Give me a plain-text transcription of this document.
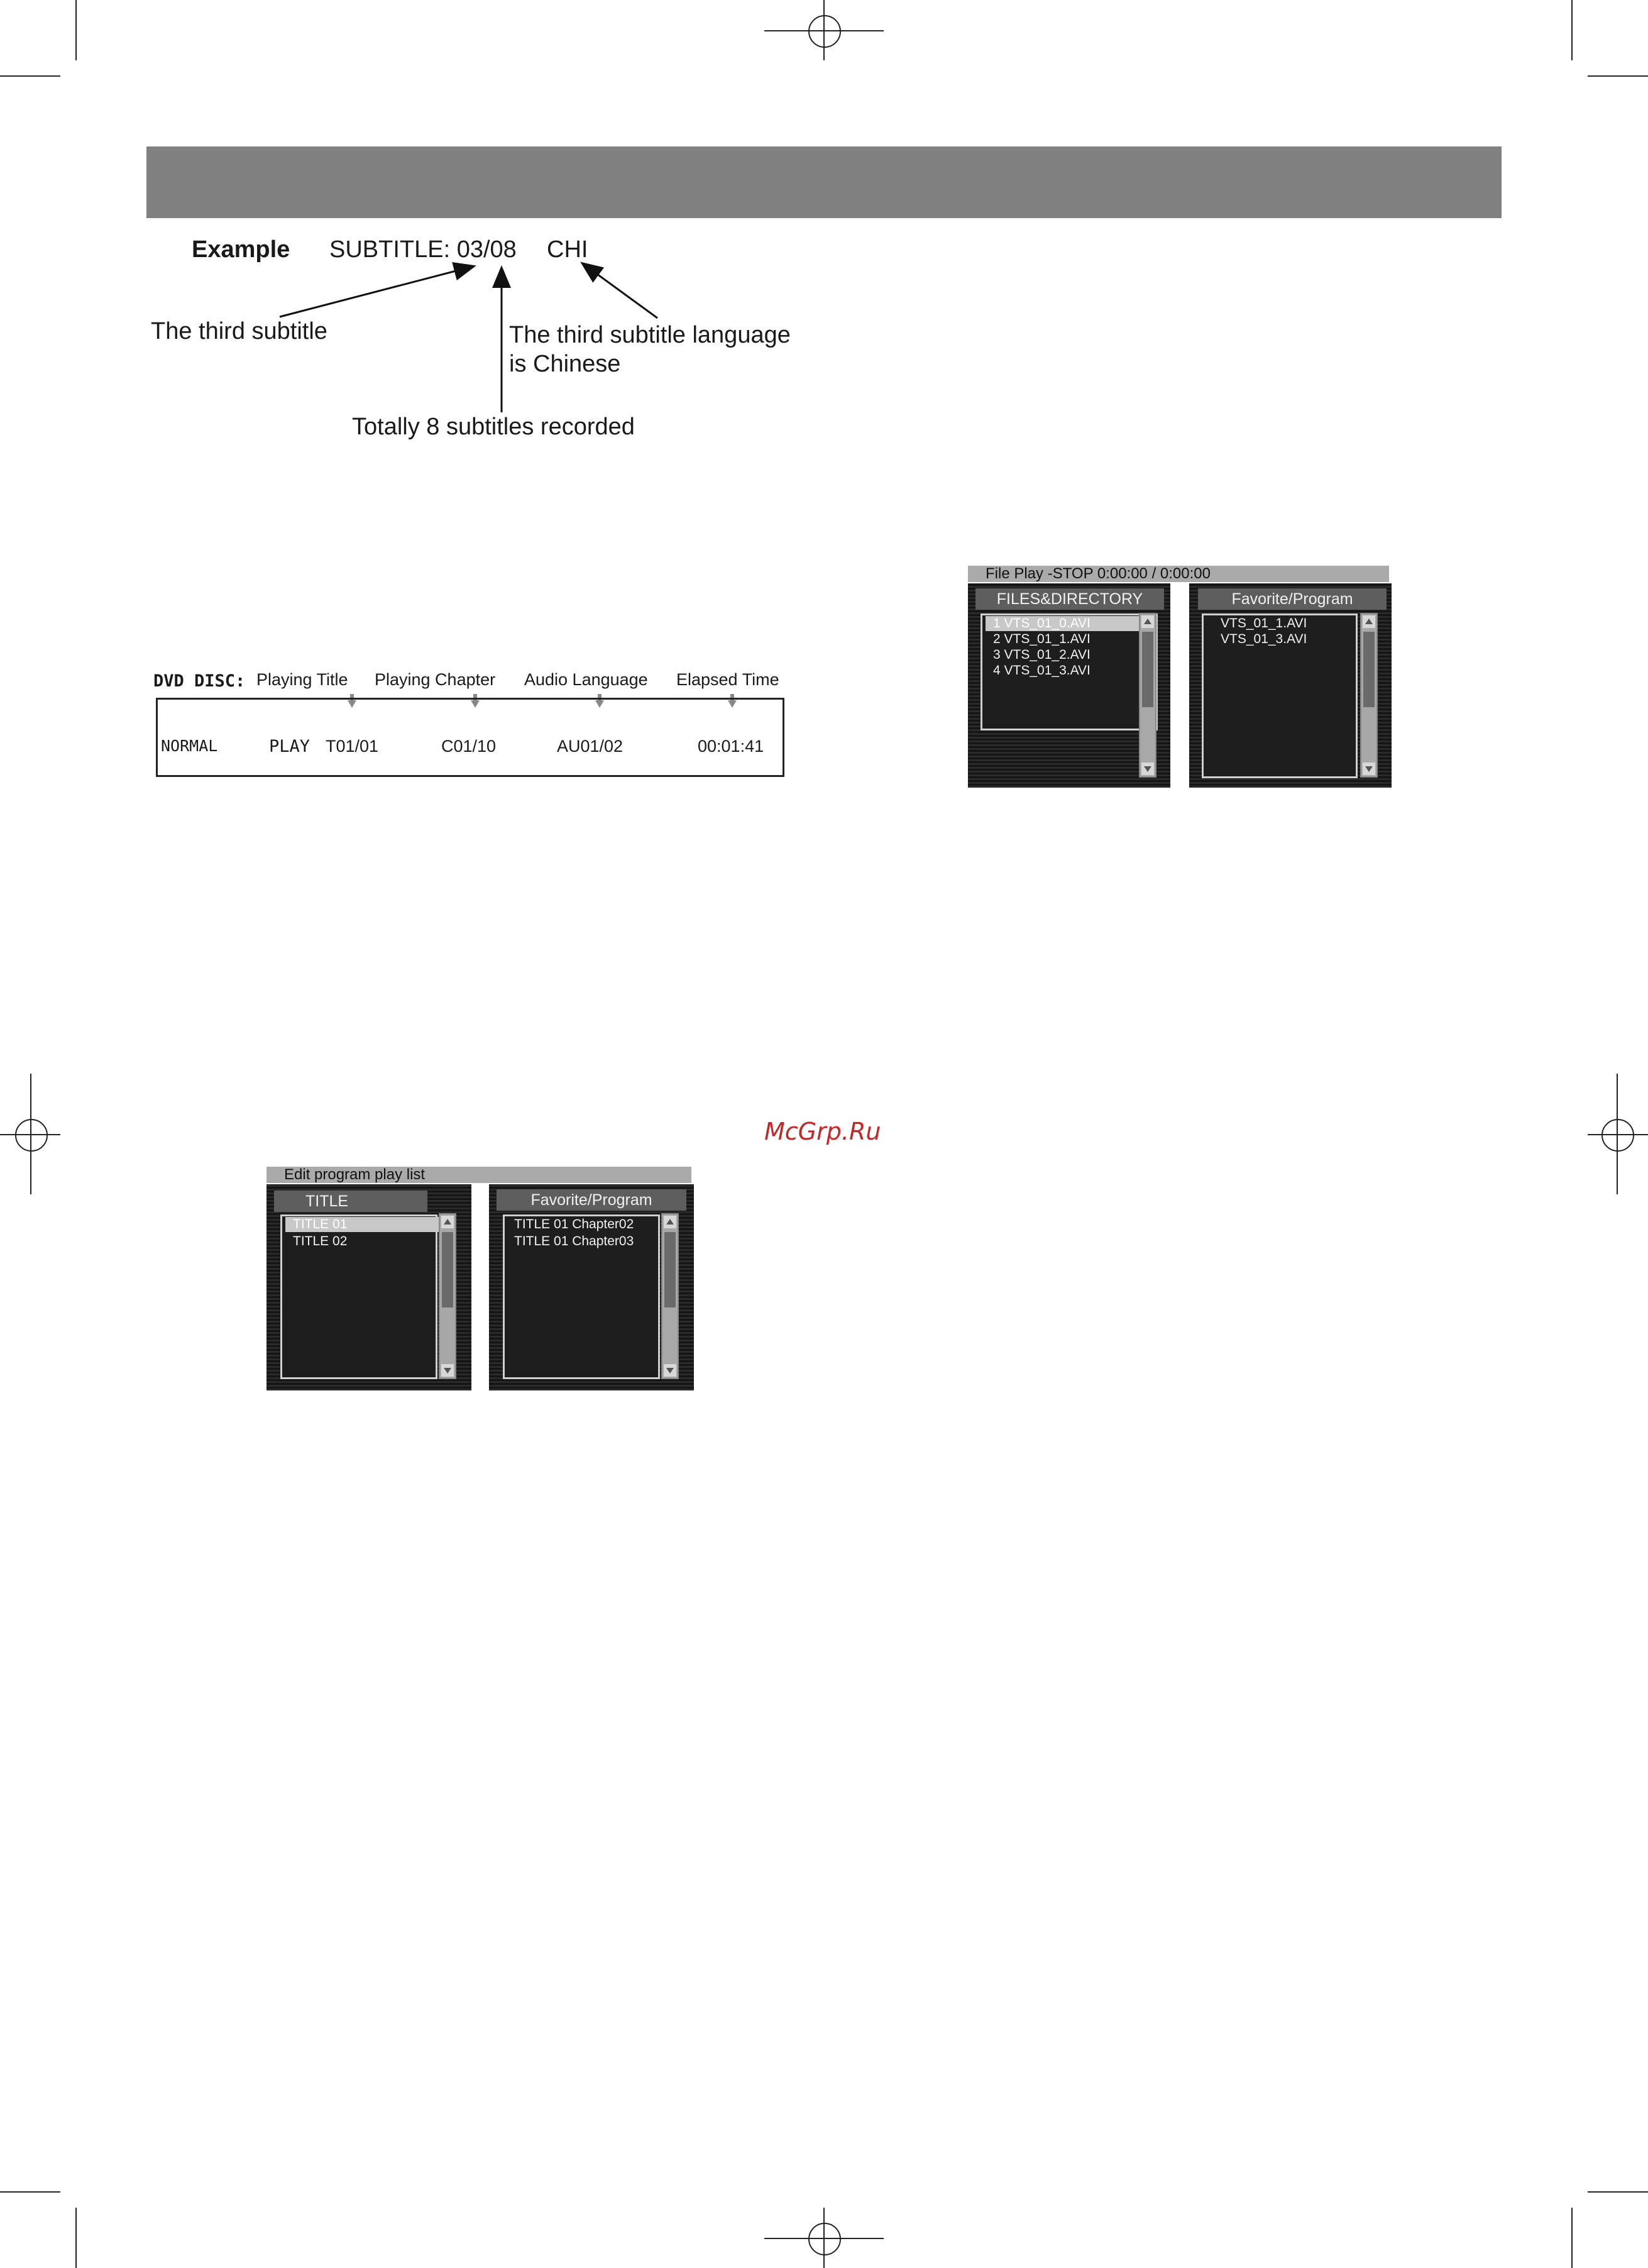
Example SUBTITLE: 03/08 CHI
The third subtitle	The third subtitle language
is Chinese
Totally 8 subtitles recorded
DVD DISC: Playing Title Playing Chapter Audio Language Elapsed Time
NORMAL	PLAY T01/01	C01/10	AU01/02	00:01:41
File Play -STOP 0:00:00 / 0:00:00
FILES&DIRECTORY
1 VTS_01_0.AVI
2 VTS_01_1.AVI
3 VTS_01_2.AVI
4 VTS_01_3.AVI
Favorite/Program
VTS_01_1.AVI
VTS_01_3.AVI
McGrp.Ru
Edit program play list
TITLE
TITLE 01
TITLE 02
Favorite/Program
TITLE 01 Chapter02
TITLE 01 Chapter03
